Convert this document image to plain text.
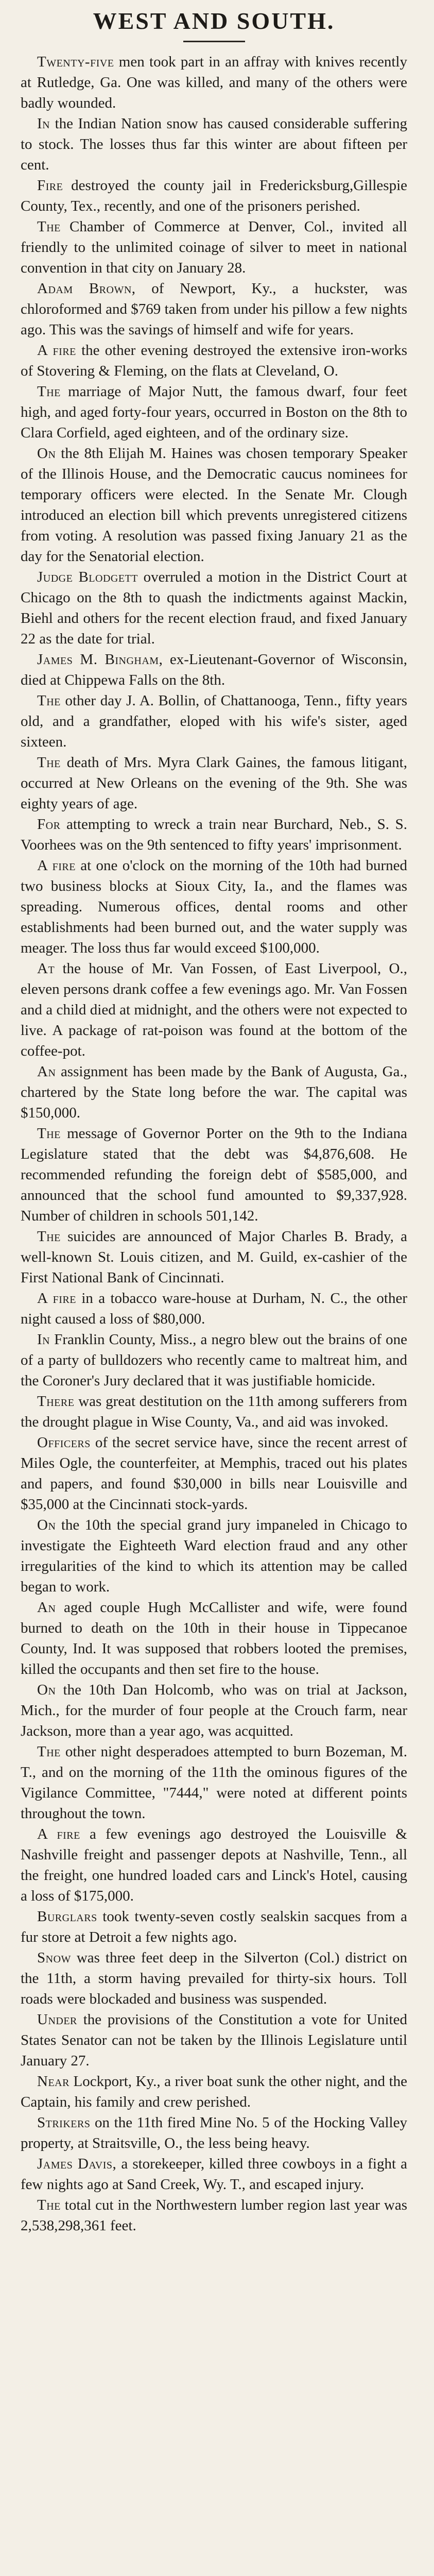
WEST AND SOUTH.

Twenty-five men took part in an affray with knives recently at Rutledge, Ga. One was killed, and many of the others were badly wounded.

In the Indian Nation snow has caused considerable suffering to stock. The losses thus far this winter are about fifteen per cent.

Fire destroyed the county jail in Fredericksburg,Gillespie County, Tex., recently, and one of the prisoners perished.

The Chamber of Commerce at Denver, Col., invited all friendly to the unlimited coinage of silver to meet in national convention in that city on January 28.

Adam Brown, of Newport, Ky., a huckster, was chloroformed and $769 taken from under his pillow a few nights ago. This was the savings of himself and wife for years.

A fire the other evening destroyed the extensive iron-works of Stovering & Fleming, on the flats at Cleveland, O.

The marriage of Major Nutt, the famous dwarf, four feet high, and aged forty-four years, occurred in Boston on the 8th to Clara Corfield, aged eighteen, and of the ordinary size.

On the 8th Elijah M. Haines was chosen temporary Speaker of the Illinois House, and the Democratic caucus nominees for temporary officers were elected. In the Senate Mr. Clough introduced an election bill which prevents unregistered citizens from voting. A resolution was passed fixing January 21 as the day for the Senatorial election.

Judge Blodgett overruled a motion in the District Court at Chicago on the 8th to quash the indictments against Mackin, Biehl and others for the recent election fraud, and fixed January 22 as the date for trial.

James M. Bingham, ex-Lieutenant-Governor of Wisconsin, died at Chippewa Falls on the 8th.

The other day J. A. Bollin, of Chattanooga, Tenn., fifty years old, and a grandfather, eloped with his wife's sister, aged sixteen.

The death of Mrs. Myra Clark Gaines, the famous litigant, occurred at New Orleans on the evening of the 9th. She was eighty years of age.

For attempting to wreck a train near Burchard, Neb., S. S. Voorhees was on the 9th sentenced to fifty years' imprisonment.

A fire at one o'clock on the morning of the 10th had burned two business blocks at Sioux City, Ia., and the flames was spreading. Numerous offices, dental rooms and other establishments had been burned out, and the water supply was meager. The loss thus far would exceed $100,000.

At the house of Mr. Van Fossen, of East Liverpool, O., eleven persons drank coffee a few evenings ago. Mr. Van Fossen and a child died at midnight, and the others were not expected to live. A package of rat-poison was found at the bottom of the coffee-pot.

An assignment has been made by the Bank of Augusta, Ga., chartered by the State long before the war. The capital was $150,000.

The message of Governor Porter on the 9th to the Indiana Legislature stated that the debt was $4,876,608. He recommended refunding the foreign debt of $585,000, and announced that the school fund amounted to $9,337,928. Number of children in schools 501,142.

The suicides are announced of Major Charles B. Brady, a well-known St. Louis citizen, and M. Guild, ex-cashier of the First National Bank of Cincinnati.

A fire in a tobacco ware-house at Durham, N. C., the other night caused a loss of $80,000.

In Franklin County, Miss., a negro blew out the brains of one of a party of bulldozers who recently came to maltreat him, and the Coroner's Jury declared that it was justifiable homicide.

There was great destitution on the 11th among sufferers from the drought plague in Wise County, Va., and aid was invoked.

Officers of the secret service have, since the recent arrest of Miles Ogle, the counterfeiter, at Memphis, traced out his plates and papers, and found $30,000 in bills near Louisville and $35,000 at the Cincinnati stock-yards.

On the 10th the special grand jury impaneled in Chicago to investigate the Eighteeth Ward election fraud and any other irregularities of the kind to which its attention may be called began to work.

An aged couple Hugh McCallister and wife, were found burned to death on the 10th in their house in Tippecanoe County, Ind. It was supposed that robbers looted the premises, killed the occupants and then set fire to the house.

On the 10th Dan Holcomb, who was on trial at Jackson, Mich., for the murder of four people at the Crouch farm, near Jackson, more than a year ago, was acquitted.

The other night desperadoes attempted to burn Bozeman, M. T., and on the morning of the 11th the ominous figures of the Vigilance Committee, "7444," were noted at different points throughout the town.

A fire a few evenings ago destroyed the Louisville & Nashville freight and passenger depots at Nashville, Tenn., all the freight, one hundred loaded cars and Linck's Hotel, causing a loss of $175,000.

Burglars took twenty-seven costly sealskin sacques from a fur store at Detroit a few nights ago.

Snow was three feet deep in the Silverton (Col.) district on the 11th, a storm having prevailed for thirty-six hours. Toll roads were blockaded and business was suspended.

Under the provisions of the Constitution a vote for United States Senator can not be taken by the Illinois Legislature until January 27.

Near Lockport, Ky., a river boat sunk the other night, and the Captain, his family and crew perished.

Strikers on the 11th fired Mine No. 5 of the Hocking Valley property, at Straitsville, O., the less being heavy.

James Davis, a storekeeper, killed three cowboys in a fight a few nights ago at Sand Creek, Wy. T., and escaped injury.

The total cut in the Northwestern lumber region last year was 2,538,298,361 feet.
